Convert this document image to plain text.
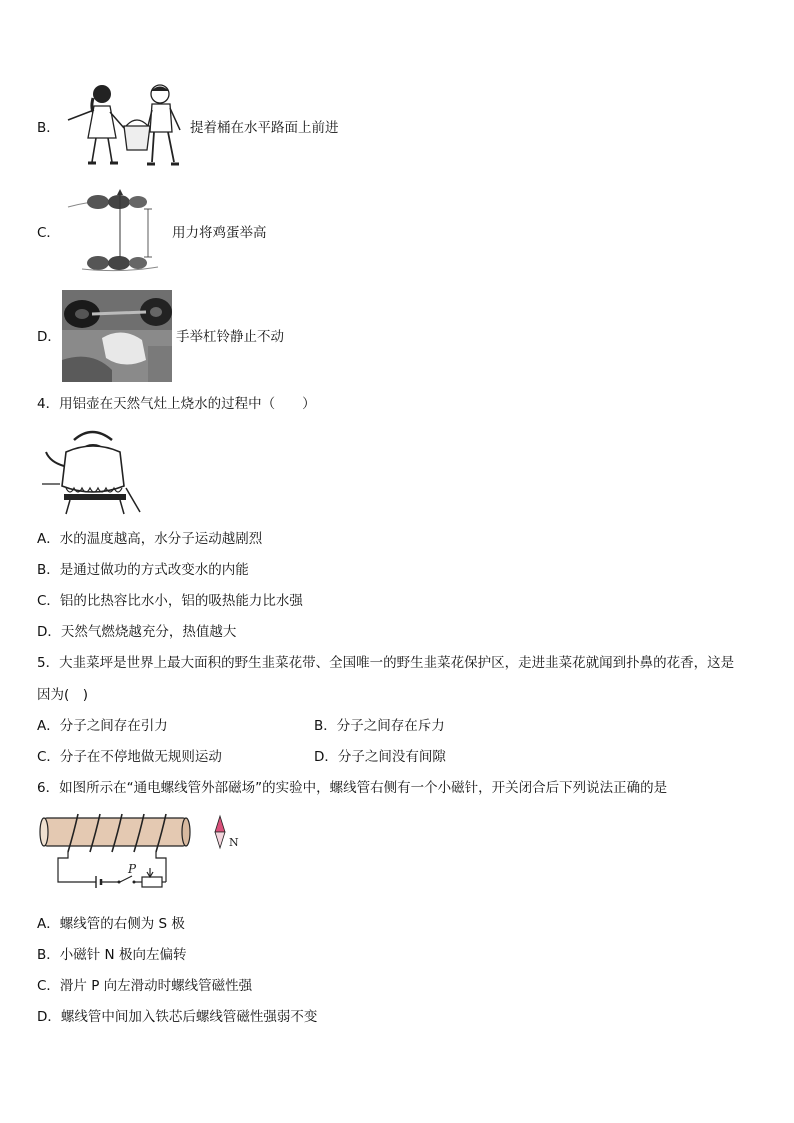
B．	提着桶在水平路面上前进
C．	用力将鸡蛋举高
D．	手举杠铃静止不动
4．用铝壶在天然气灶上烧水的过程中（　　）
A．水的温度越高，水分子运动越剧烈
B．是通过做功的方式改变水的内能
C．铝的比热容比水小，铝的吸热能力比水强
D．天然气燃烧越充分，热值越大
5．大韭菜坪是世界上最大面积的野生韭菜花带、全国唯一的野生韭菜花保护区，走进韭菜花就闻到扑鼻的花香，这是
因为(　)
A．分子之间存在引力	B．分子之间存在斥力
C．分子在不停地做无规则运动	D．分子之间没有间隙
6．如图所示在“通电螺线管外部磁场”的实验中，螺线管右侧有一个小磁针，开关闭合后下列说法正确的是
P
N
A．螺线管的右侧为 S 极
B．小磁针 N 极向左偏转
C．滑片 P 向左滑动时螺线管磁性强
D．螺线管中间加入铁芯后螺线管磁性强弱不变
